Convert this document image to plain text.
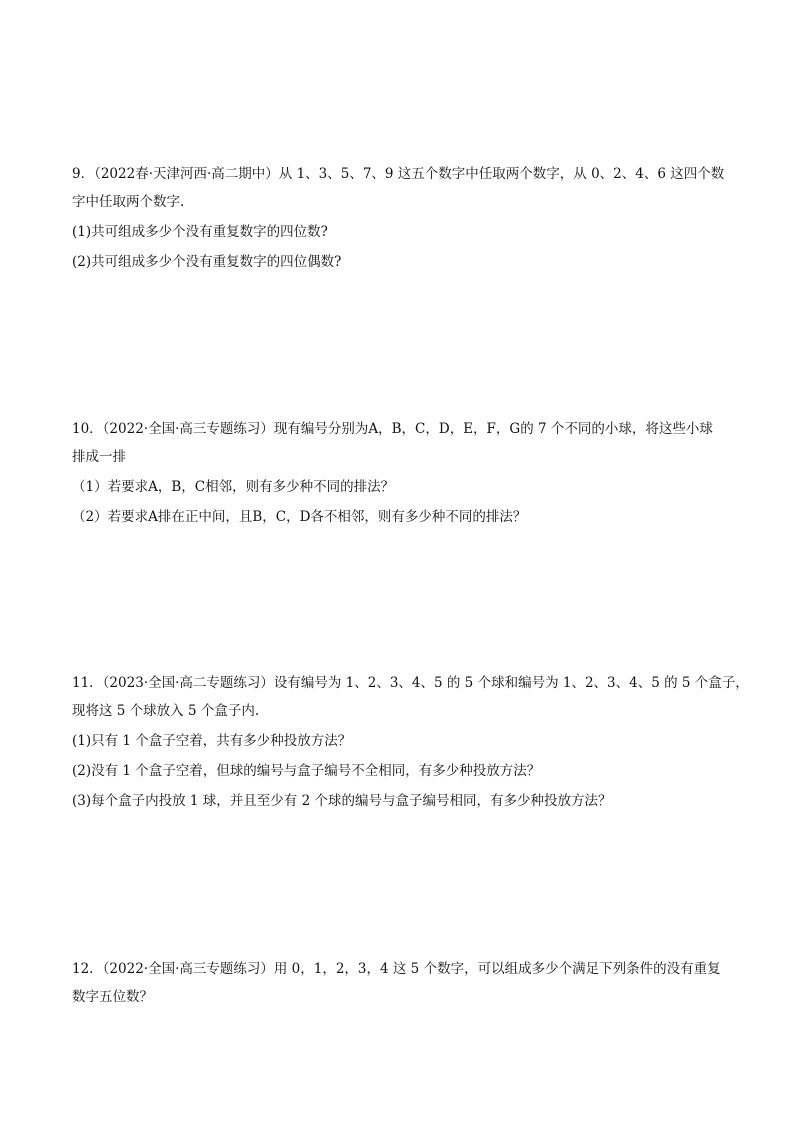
9．（2022春·天津河西·高二期中）从 1、3、5、7、9 这五个数字中任取两个数字，从 0、2、4、6 这四个数

字中任取两个数字.

(1)共可组成多少个没有重复数字的四位数?

(2)共可组成多少个没有重复数字的四位偶数?

10．（2022·全国·高三专题练习）现有编号分别为A，B，C，D，E，F，G的 7 个不同的小球，将这些小球

排成一排

（1）若要求A，B，C相邻，则有多少种不同的排法？

（2）若要求A排在正中间，且B，C，D各不相邻，则有多少种不同的排法？

11．（2023·全国·高二专题练习）设有编号为 1、2、3、4、5 的 5 个球和编号为 1、2、3、4、5 的 5 个盒子，

现将这 5 个球放入 5 个盒子内.

(1)只有 1 个盒子空着，共有多少种投放方法？

(2)没有 1 个盒子空着，但球的编号与盒子编号不全相同，有多少种投放方法？

(3)每个盒子内投放 1 球，并且至少有 2 个球的编号与盒子编号相同，有多少种投放方法？

12．（2022·全国·高三专题练习）用 0，1，2，3，4 这 5 个数字，可以组成多少个满足下列条件的没有重复

数字五位数？
